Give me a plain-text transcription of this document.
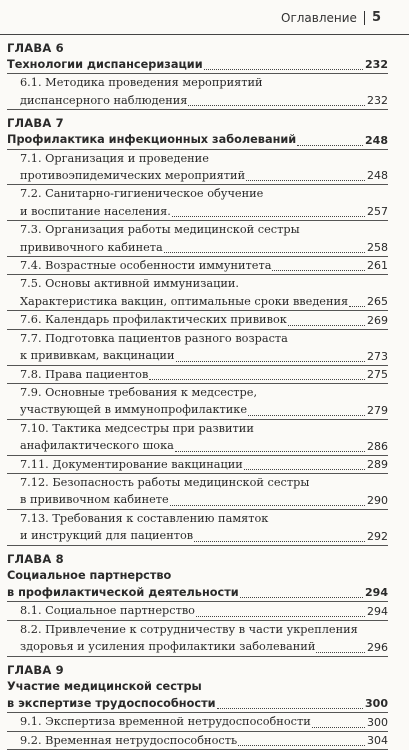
Оглавление 5
ГЛАВА 6
Технологии диспансеризации	232
6.1. Методика проведения мероприятий
диспансерного наблюдения	232
ГЛАВА 7
Профилактика инфекционных заболеваний	248
7.1. Организация и проведение
противоэпидемических мероприятий	248
7.2. Санитарно-гигиеническое обучение
и воспитание населения.	257
7.3. Организация работы медицинской сестры
прививочного кабинета	258
7.4. Возрастные особенности иммунитета	261
7.5. Основы активной иммунизации.
Характеристика вакцин, оптимальные сроки введения	265
7.6. Календарь профилактических прививок	269
7.7. Подготовка пациентов разного возраста
к прививкам, вакцинации	273
7.8. Права пациентов	275
7.9. Основные требования к медсестре,
участвующей в иммунопрофилактике	279
7.10. Тактика медсестры при развитии
анафилактического шока	286
7.11. Документирование вакцинации	289
7.12. Безопасность работы медицинской сестры
в прививочном кабинете	290
7.13. Требования к составлению памяток
и инструкций для пациентов	292
ГЛАВА 8
Социальное партнерство
в профилактической деятельности	294
8.1. Социальное партнерство	294
8.2. Привлечение к сотрудничеству в части укрепления
здоровья и усиления профилактики заболеваний	296
ГЛАВА 9
Участие медицинской сестры
в экспертизе трудоспособности	300
9.1. Экспертиза временной нетрудоспособности	300
9.2. Временная нетрудоспособность	304
